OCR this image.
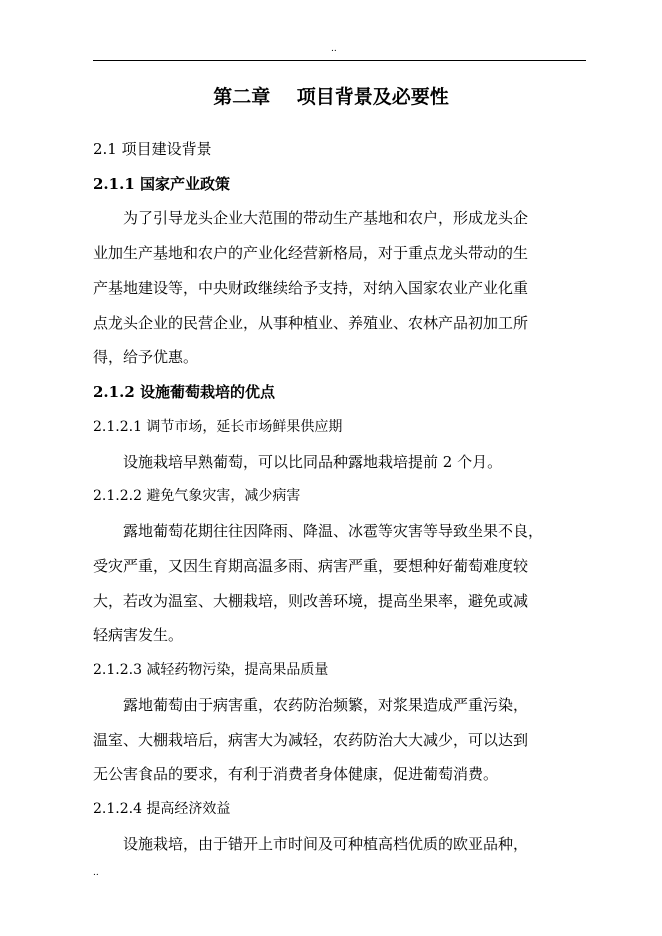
..
第二章    项目背景及必要性
2.1 项目建设背景
2.1.1 国家产业政策
为了引导龙头企业大范围的带动生产基地和农户，形成龙头企
业加生产基地和农户的产业化经营新格局，对于重点龙头带动的生
产基地建设等，中央财政继续给予支持，对纳入国家农业产业化重
点龙头企业的民营企业，从事种植业、养殖业、农林产品初加工所
得，给予优惠。
2.1.2 设施葡萄栽培的优点
2.1.2.1 调节市场，延长市场鲜果供应期
设施栽培早熟葡萄，可以比同品种露地栽培提前 2 个月。
2.1.2.2 避免气象灾害，减少病害
露地葡萄花期往往因降雨、降温、冰雹等灾害等导致坐果不良，
受灾严重，又因生育期高温多雨、病害严重，要想种好葡萄难度较
大，若改为温室、大棚栽培，则改善环境，提高坐果率，避免或减
轻病害发生。
2.1.2.3 减轻药物污染，提高果品质量
露地葡萄由于病害重，农药防治频繁，对浆果造成严重污染，
温室、大棚栽培后，病害大为减轻，农药防治大大减少，可以达到
无公害食品的要求，有利于消费者身体健康，促进葡萄消费。
2.1.2.4 提高经济效益
设施栽培，由于错开上市时间及可种植高档优质的欧亚品种，
..
